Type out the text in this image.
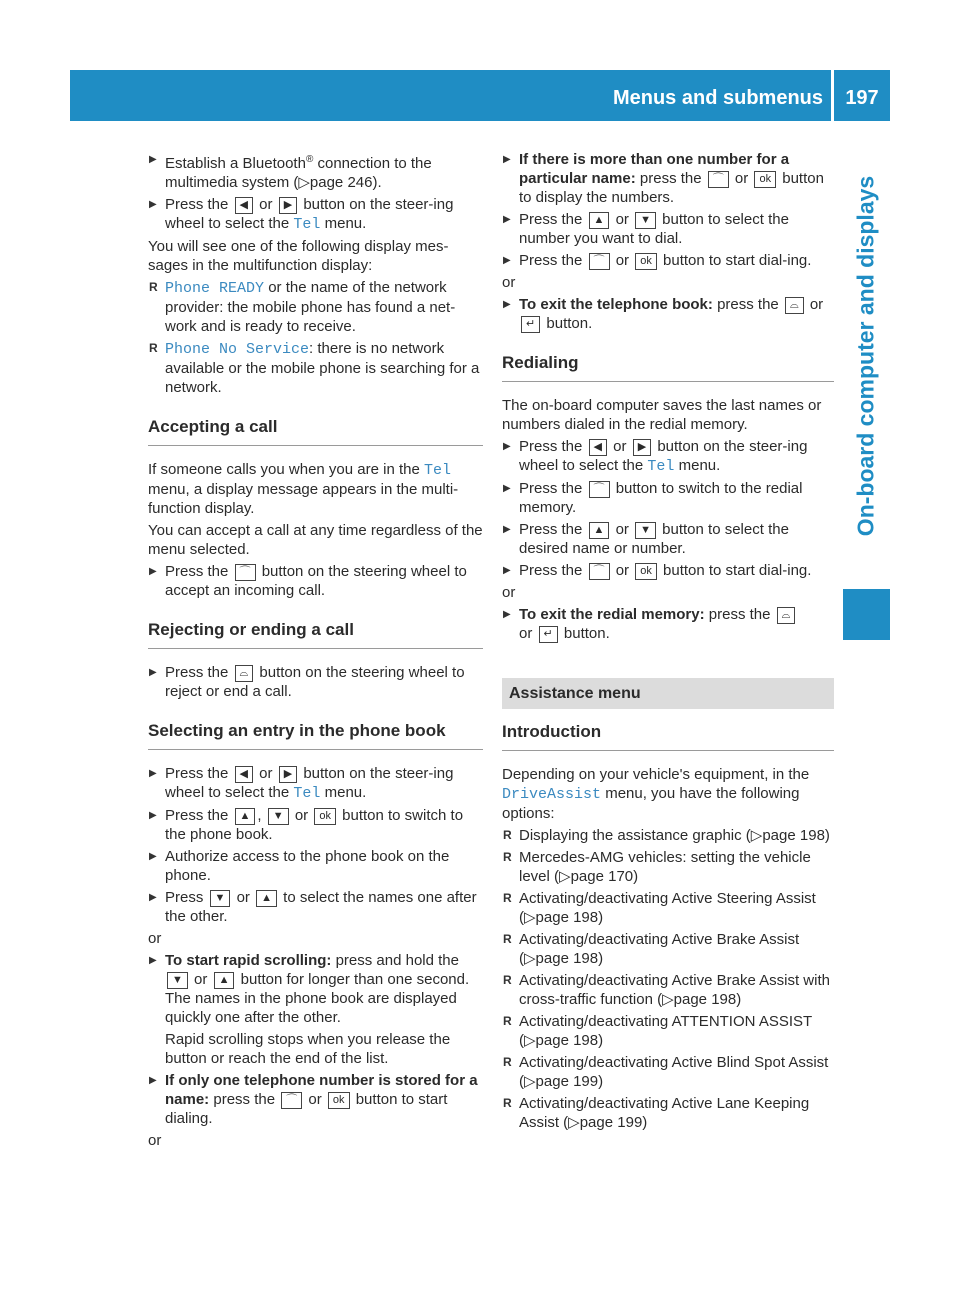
Menus and submenus	197
On-board computer and displays
▶ Establish a Bluetooth® connection to the multimedia system (▷page 246).
▶ Press the ◀ or ▶ button on the steer-ing wheel to select the Tel menu.

You will see one of the following display mes-sages in the multifunction display:

R Phone READY or the name of the network provider: the mobile phone has found a net-work and is ready to receive.
R Phone No Service: there is no network available or the mobile phone is searching for a network.
Accepting a call

If someone calls you when you are in the Tel menu, a display message appears in the multi-function display.

You can accept a call at any time regardless of the menu selected.

▶ Press the ⌒ button on the steering wheel to accept an incoming call.
Rejecting or ending a call
▶ Press the ⌓ button on the steering wheel to reject or end a call.
Selecting an entry in the phone book
▶ Press the ◀ or ▶ button on the steer-ing wheel to select the Tel menu.
▶ Press the ▲ , ▼ or ok button to switch to the phone book.
▶ Authorize access to the phone book on the phone.
▶ Press ▼ or ▲ to select the names one after the other.

or

▶ To start rapid scrolling: press and hold the ▼ or ▲ button for longer than one second.
The names in the phone book are displayed quickly one after the other.

Rapid scrolling stops when you release the button or reach the end of the list.

▶ If only one telephone number is stored for a name: press the ⌒ or ok button to start dialing.

or

▶ If there is more than one number for a particular name: press the ⌒ or ok button to display the numbers.
▶ Press the ▲ or ▼ button to select the number you want to dial.
▶ Press the ⌒ or ok button to start dial-ing.

or

▶ To exit the telephone book: press the ⌓ or ↵ button.
Redialing

The on-board computer saves the last names or numbers dialed in the redial memory.

▶ Press the ◀ or ▶ button on the steer-ing wheel to select the Tel menu.
▶ Press the ⌒ button to switch to the redial memory.
▶ Press the ▲ or ▼ button to select the desired name or number.
▶ Press the ⌒ or ok button to start dial-ing.

or

▶ To exit the redial memory: press the ⌓
or ↵ button.
Assistance menu
Introduction

Depending on your vehicle's equipment, in the DriveAssist menu, you have the following options:

R Displaying the assistance graphic (▷page 198)
R Mercedes-AMG vehicles: setting the vehicle level (▷page 170)
R Activating/deactivating Active Steering Assist (▷page 198)
R Activating/deactivating Active Brake Assist (▷page 198)
R Activating/deactivating Active Brake Assist with cross-traffic function (▷page 198)
R Activating/deactivating ATTENTION ASSIST (▷page 198)
R Activating/deactivating Active Blind Spot Assist (▷page 199)
R Activating/deactivating Active Lane Keeping Assist (▷page 199)
